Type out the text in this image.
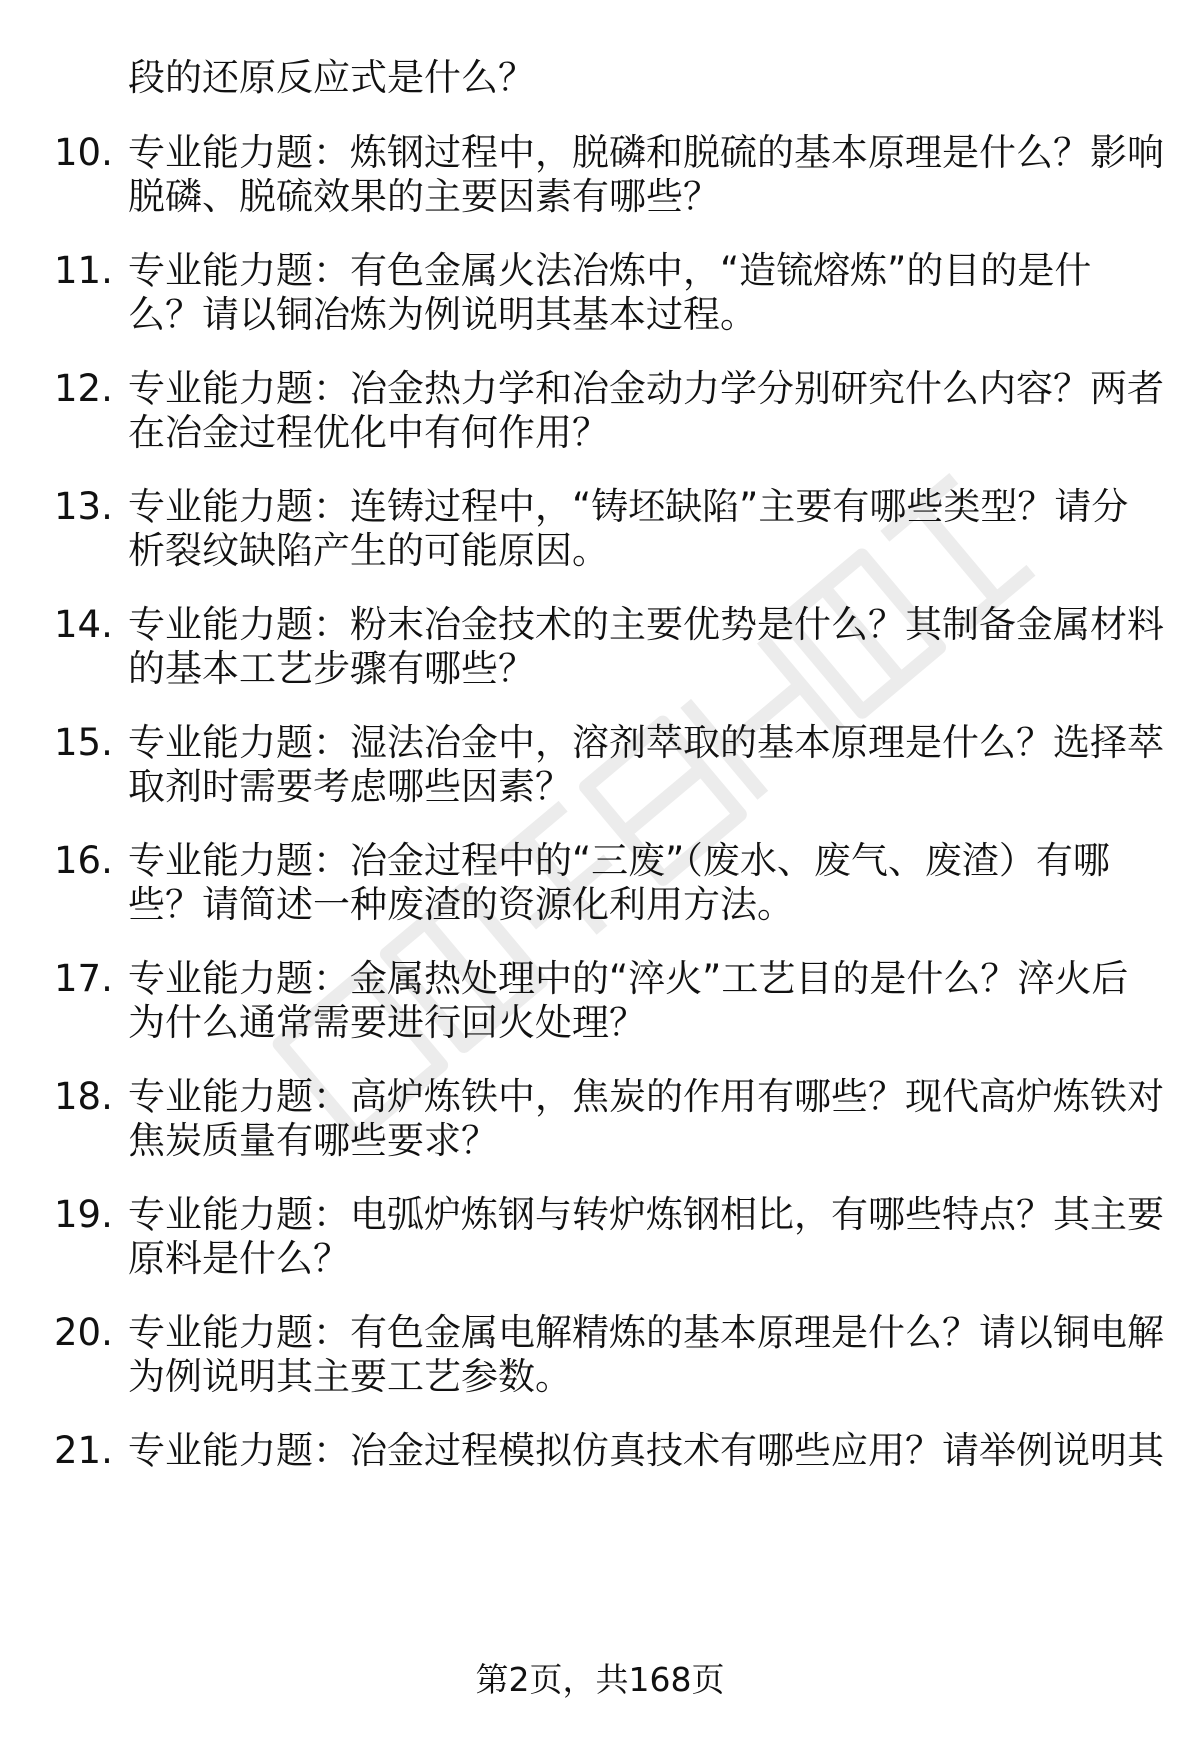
段的还原反应式是什么？
10. 专业能力题：炼钢过程中，脱磷和脱硫的基本原理是什么？影响
脱磷、脱硫效果的主要因素有哪些？
11. 专业能力题：有色金属火法冶炼中，“造锍熔炼”的目的是什
么？请以铜冶炼为例说明其基本过程。
12. 专业能力题：冶金热力学和冶金动力学分别研究什么内容？两者
在冶金过程优化中有何作用？
13. 专业能力题：连铸过程中，“铸坯缺陷”主要有哪些类型？请分
析裂纹缺陷产生的可能原因。
14. 专业能力题：粉末冶金技术的主要优势是什么？其制备金属材料
的基本工艺步骤有哪些？
15. 专业能力题：湿法冶金中，溶剂萃取的基本原理是什么？选择萃
取剂时需要考虑哪些因素？
16. 专业能力题：冶金过程中的“三废”（废水、废气、废渣）有哪
些？请简述一种废渣的资源化利用方法。
17. 专业能力题：金属热处理中的“淬火”工艺目的是什么？淬火后
为什么通常需要进行回火处理？
18. 专业能力题：高炉炼铁中，焦炭的作用有哪些？现代高炉炼铁对
焦炭质量有哪些要求？
19. 专业能力题：电弧炉炼钢与转炉炼钢相比，有哪些特点？其主要
原料是什么？
20. 专业能力题：有色金属电解精炼的基本原理是什么？请以铜电解
为例说明其主要工艺参数。
21. 专业能力题：冶金过程模拟仿真技术有哪些应用？请举例说明其
第2页，共168页
